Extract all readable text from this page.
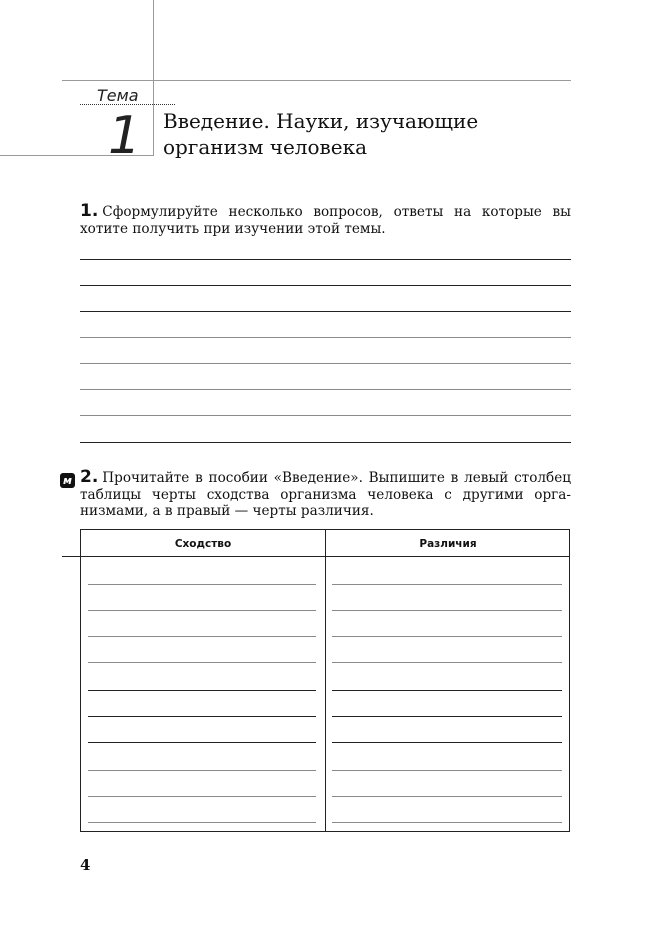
Тема
1 Введение. Науки, изучающие
организм человека
1. Сформулируйте несколько вопросов, ответы на которые вы хотите получить при изучении этой темы.
м 2. Прочитайте в пособии «Введение». Выпишите в левый столбец таблицы черты сходства организма человека с другими организмами, а в правый — черты различия.
Сходство	Различия
4
